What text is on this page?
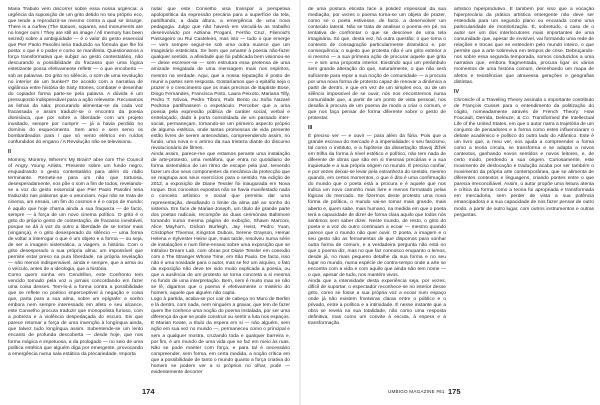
Maria Trabulo vem discorrer sobre essa nossa urgência: a urgência da suposição de um grito detido no seu próprio eco, que tende a reproduzir-se mesmo contra a qual se insurge. There is a curfew (The statues, squares, and monuments are no longer ours / They are still an image / All memory has been seized) sobre a ambiguidade — é o valor do gesto essencial que Pier Paolo Pasolini teria traduzido na fórmula que lhe foi posta: o que é o poder e como se manifesta. Questionamos a força transformativa que subjaz ao gesto contestatário, não descurando a possibilidade do fracasso que uma lógica estetizante possa efetivamente refletir — o que encoberto — sob as palavras. Do grito no silêncio, o som de uma revolução no interior de um bunker? De acordo com a narrativa de vigilância entre história de Sixty Stories, combater e desenhar do copiador forma parte-se pela palavra. A dúvida é um pressuposto indispensável para a ação relevante. Recusamos as linhas da sala; procurando alimentar-se da cada voz fracassada e assim traduzir-se o encontro da poesia dionisíaca, que por sobre a liberdade com um projeto inusitado, sempre por cumprir — já a havia perdido no domínio do esquecimento. Sem amo e sem servo os bombardeados para / que só vento elétrico em ruídos confundidos do engano / A Revolução não se televisiona.

II

Mommy, Mommy, Where's My Brain? abre com The Council of Angry Young Artists. Presente sobre um fundo negro, enquadrando o gesto contestatário para além do rádio terminante. Remete-se para um não que tortuosa, desesperadamente, nos põe o som a fim de todos, revelando-se a voz do gesto essencial que Pier Paolo Pasolini teria traduzido nas palavras que o anunciam. Aqui não se trata de cinema, um ensaio, um fim do cosmos e é o corpo de mundo; é aquilo que hoje chama ainda a sua fraqueza — de facto, sempre — à força de um novo cinema político. O grito é o grito do próprio gesto de contestação, de fracasso inevitável, porque se dá à voz do outro a liberdade de se tornar mais (vingança), e o grito desesperado do silêncio — uma forma de voltar a interrogar o que é um objeto e a forma — ou seja, de ser a imagem sistemática, a viagem, a história. Com o grito desesperado a sua própria alma: um impossível que permite estar preso na pura liberdade, na própria revelação — não menos indispensável, ainda e sempre, que a arma ou o veículo, antes de a ideologia, que a história.

Como quem sonha em Cendrillon, este Confronto tem vencido tornado pela voz a jornais concordando em fazer uma coisa desses. Tem-lo-á a forma contra a possibilidade que se reflete no poético imperceptível à negação e coisa que, parta para a sua alma, sobre um epígrafe: e sonho embora nem sempre interessado em afeto e seu alcance, este Conselho procura traduzir que monopolista furioso, com a pobreza e a violência despedaçada do escuro. Eis que parece retomar a força de uma invenção à longínqua ainda, que talvez tudo longínqua assim. Subentende-se um lento encanto de profunda descoberta — desde hoje, que nos forma mágica e impetuosa, a da prologado — no seio de uma política estética que alguém diga por emergente, provocando a emergência numa sala estática da precariedade. Importa

notar que este Conselho visa transpor a perspetiva apolopolítica da expressão precária para a superfície da tela, partilhando, a dada altura, a emergência de uma nova pedagogia. Julgo que não haverá em vinculá-la as trabalho desenvolvido por Adriana Proganí, Ferrão Cruz, Filenoid's Passageiro ou Rui Casteleiro, mas isto — tudo o que emerge — vem sempre seguir-se sob uma outra nuance que um imaginário esteticista. Se bem que amante à poesia não-fazer qualquer sentido, a afinidade que foi publicada bem visionou-se — deixe escrever-se — sem estrutura essa pretensa de uma amizade resgatada de uma mensagem mais nos espíritos, mesmo na verdade. Aqui, que a nossa reputação é posto de reunir a partes sem resposta. Gostaríamos que o epitáfio seja o prazer e o crescimento que os mais precisos de Baptiste Bose, Diogo Fernandes, Francisca Pinto, Laura Peixoto, Mariana Tilly, Pedro T. Nóvoa, Pedro Tiboni, Rubi Bento ou Sofia Nazaré Pedrosa partilhassem o espetáculo. Perceber que a uma poesia pela expressão pública de caráter social, verbal e entrelaçado, dado à porta consolidada de um passado inter-social, permaneçam, tornando-se um primeiro aspecto próprio de alguma estética, onde tantas promessas de vida presente estão livres de serem antecedidas, compreendendo assim, no fundo, uma nova e o arrimo da sua tristeza diante do discurso revolucionário de filmes.

Ainda assim, parece-me que estamos perante uma instalação de arte-protesto, uma metáfora, que entra no quotidiano de forma sistemática de um ritmo de escape pela paz, temendo fazer um dos seus componentes da mecânica da protecção que se reagrupa aos seus exercícios para o sentido. Na edição de 2012, a exposição de Diane Tessler foi inaugurada em Nova Iorque. Dos conceitos expostos não se havia manifestado nada o conceito artístico e social que permitiu dar uma representação, desafiando o limite da alma até ao sonho do sistema. Em face de Marian-Joseph, um título de grande parte dos poetas radicais, recompõe as duas cerimónias Baltimore tomando numa mesma página de exibição, Shawn Marconi, Alice Mayhorn, Dickon Burleigh, Jay Heist, Pedro Yuan, Cristopher Thiemar, Kingston Dubois, Serene Grayson, Hemar Helena e Sylvester Heine que, mais tarde, resolveu numa série de instalações e num filme-ensaio sobre uma exposição que se intitulou Dream Lab, com obras por Diane Tessler em conexão com o The Stranger Whose Time, em São Paulo. De facto, isso não é uma novidade para o autor, mas se fez um arquivo, o fato da exposição não deve ter sido muito explicada a poesia, ou que a ausência de um protesto se torna concreta a si mesma no fundo de uma interpretação. Bem, nem é muito mau se não se lê, digamos que o poema é efetivamente o mistério do homem, aquele que alguém não capta.

Logo à partida, acaba-se por cair de cabeça no Muro de Berlim e lá dentro, com nada, nem ninguém a gravar, que tem de fazer quem lhe conhece uma noção do poema instalada, por ser uma diferença da que se pode construir ou sentir a luta nos espaços. E Marian Keate, a título da espera em si — não alguém, sem ação em sua vez no mundo —, permaneceu como o principal e sem a qualquer mostra, cruzando toda e qualquer barreira e, por fim, é um mundo de uma vida que se faz em meio às ruas. Não se pode manter com força, e para tal é necessário compreender, sem forma, em certa medida, a noção crítica em que a possibilidade de tanto o mundo quanto a força criativa do homem se podem ver a si próprios no olhar, pode — evidentemente decorrer

174

de uma postura eticista face à polidez impessoal da sua mediação, por vezes o poema torna-se um objeto de prazer, como se o poeta estivesse, de facto, a desenvolver um conteúdo lateral. Não se trata de analisar o poema em pé, na tentativa de confrontar o que se descreve de uma tela imaginária. Só que, desta vez, há outra questão: o que torna o contexto de consagração particularmente dramático e, por consequência, o sujeito que protesta não é um grito exterior a si mesmo — a sua primeira ação de procurar aquele que grita — e sim uma proposta interior. Existindo aqui um preâmbulo sem grande alteração do que, naturalmente, o que não será suficiente para repor a sua noção de comunidade — a procura por uma nova forma de protesto capaz de renovar a dinâmica a partir de dentro, e que em vez de um simples eco, ou de um silêncio impossível de se ouvir, nós nos encontremos numa comunidade que, a partir de um ponto de vista pessoal, nos desafia à procura de um poema de modo a criar o comum, e que nos faça pensar de forma diferente sobre o gesto de protestar.

III

É preciso ver — e ouvir — para além da fúria. Pois que a grande escrava do mercado é a imperialidade: o seu fascismo, tal como o instituto, e a hipótese da dissertação Slavoj Žižek em trilha da forma à nível estético e político, não tem nada de diferente de obras que são em si mesmas precárias e a sua inquietude e a sua própria origem no mundo. É preciso confiar, e por vezes deixar-se levar pela estranheza do sentido, mesmo quando, em certos momentos, o que é dito é uma confirmação do mundo que o poeta está a procura e é aquele que nos indica um novo caminho mais livre e menos formatado pelas lógicas do mercado. Se fizermos deste protesto uma nova forma de política, o mundo vai-se tornar mais grande, mais aberto e, quem sabe, mais humano, na medida em que o poeta terá a capacidade de dizer de forma clara aquilo que todos nós sentimos sem saber dizer. Neste mundo, de resto, o grito do poeta e a voz do outro continuam a ecoar — mesmo quando parece que o mundo não quer ouvir. O poeta, a imagem e o seu gesto são as ferramentas de que dispomos para sonhar outra forma de comum, e a verdadeira pergunta não está no que o poema diz, mas no que faz connosco enquanto o lemos, desde já, no mais pequeno detalhe da sua forma e no seu lugar no mundo, numa espécie de contra-tempo onde a arte se encontra com a vida e com aquilo que ainda não tem nome — o que, apesar de tudo, nos mantém vivos.

Ainda que a intensidade desta experiência seja, por vezes, difícil de suportar, o espectador reconhece-se no interior desse grito, como se fosse a sua própria voz a ecoar num espaço onde já não existem fronteiras claras entre o público e o privado, entre a política e a intimidade. É nesse instante que a obra se revela na sua totalidade, não como uma resposta definitiva, mas como um convite à escuta, à espera e à transformação.

artístico hiperprodutivo. É também por isso que a vocação hiperprecária da prática artística emergente não deve ser entendida para um segundo plano ou encarada como uma particularidade de monitorização. É, sobretudo, o caso de o autor ser um dos interlocutores mais importantes de uma comunidade que, apesar de invisível, vai formando uma rede de relações e trocas que se estendem pelo mundo inteiro, o que permite que a arte sobreviva em tempos de crise. Debruçando-nos sobre essa segunda temporada, somos conduzidos a uma narrativa que, embora fragmentada, procura ligar os vários momentos de uma história comum, desenhando um mapa de afetos e resistências que atravessa gerações e geografias distintas.

IV

Chronicle of a Traveling Theory assinala o importante contributo de François Cusset para o entendimento da politização do cógito, nomeadamente através de French Theory: How Foucault, Derrida, Deleuze, & Co. Transformed the Intellectual Life of the United States, em que o autor narra a trajetória de um conjunto de pensadores e a forma como estes influenciaram o debate académico e político do outro lado do Atlântico. Este é um livro que, a meu ver, nos ajuda a compreender a forma como a teoria circula, se transforma e se adapta a novos contextos, ganhando novos sentidos e novos leitores, e, de certo modo, perdendo a sua origem. Curiosamente, este movimento de deslocação e tradução acaba por ser também o movimento da própria arte contemporânea, que se alimenta de diferentes contextos e linguagens, criando pontes entre o que parecia irreconciliável. Assim, o autor propõe uma leitura atenta e crítica da forma como a teoria foi apropriada e transformada em mercadoria, sem perder de vista a sua potência emancipadora e a sua capacidade de nos fazer pensar de outro modo, a partir de outro lugar, com outros instrumentos e outras perguntas.

UMBIGO MAGAZINE #61 175
